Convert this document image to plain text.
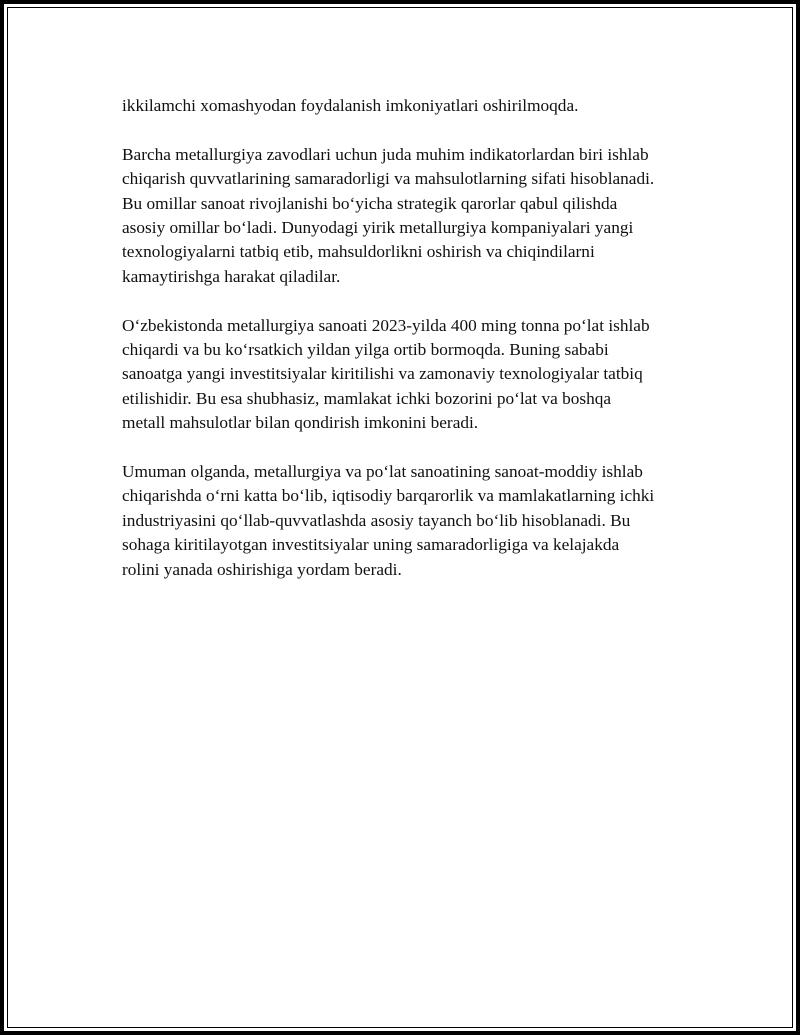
ikkilamchi xomashyodan foydalanish imkoniyatlari oshirilmoqda.

Barcha metallurgiya zavodlari uchun juda muhim indikatorlardan biri ishlab
chiqarish quvvatlarining samaradorligi va mahsulotlarning sifati hisoblanadi.
Bu omillar sanoat rivojlanishi bo‘yicha strategik qarorlar qabul qilishda
asosiy omillar bo‘ladi. Dunyodagi yirik metallurgiya kompaniyalari yangi
texnologiyalarni tatbiq etib, mahsuldorlikni oshirish va chiqindilarni
kamaytirishga harakat qiladilar.

O‘zbekistonda metallurgiya sanoati 2023-yilda 400 ming tonna po‘lat ishlab
chiqardi va bu ko‘rsatkich yildan yilga ortib bormoqda. Buning sababi
sanoatga yangi investitsiyalar kiritilishi va zamonaviy texnologiyalar tatbiq
etilishidir. Bu esa shubhasiz, mamlakat ichki bozorini po‘lat va boshqa
metall mahsulotlar bilan qondirish imkonini beradi.

Umuman olganda, metallurgiya va po‘lat sanoatining sanoat-moddiy ishlab
chiqarishda o‘rni katta bo‘lib, iqtisodiy barqarorlik va mamlakatlarning ichki
industriyasini qo‘llab-quvvatlashda asosiy tayanch bo‘lib hisoblanadi. Bu
sohaga kiritilayotgan investitsiyalar uning samaradorligiga va kelajakda
rolini yanada oshirishiga yordam beradi.
